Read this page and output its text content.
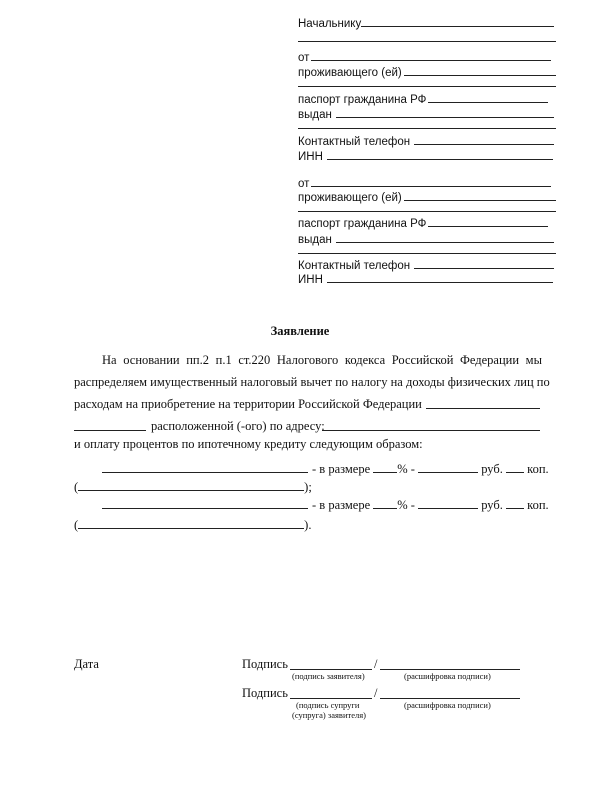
Начальнику
от
проживающего (ей)
паспорт гражданина РФ
выдан
Контактный телефон
ИНН
от
проживающего (ей)
паспорт гражданина РФ
выдан
Контактный телефон
ИНН
Заявление
На основании пп.2 п.1 ст.220 Налогового кодекса Российской Федерации мы
распределяем имущественный налоговый вычет по налогу на доходы физических лиц по
расходам на приобретение на территории Российской Федерации
расположенной (-ого) по адресу:
и оплату процентов по ипотечному кредиту следующим образом:
- в размере % -	руб. коп.
(	);
- в размере % -	руб. коп.
(	).
Дата	Подпись	/
(подпись заявителя)	(расшифровка подписи)
Подпись	/
(подпись супруги
(супруга) заявителя)
(расшифровка подписи)
